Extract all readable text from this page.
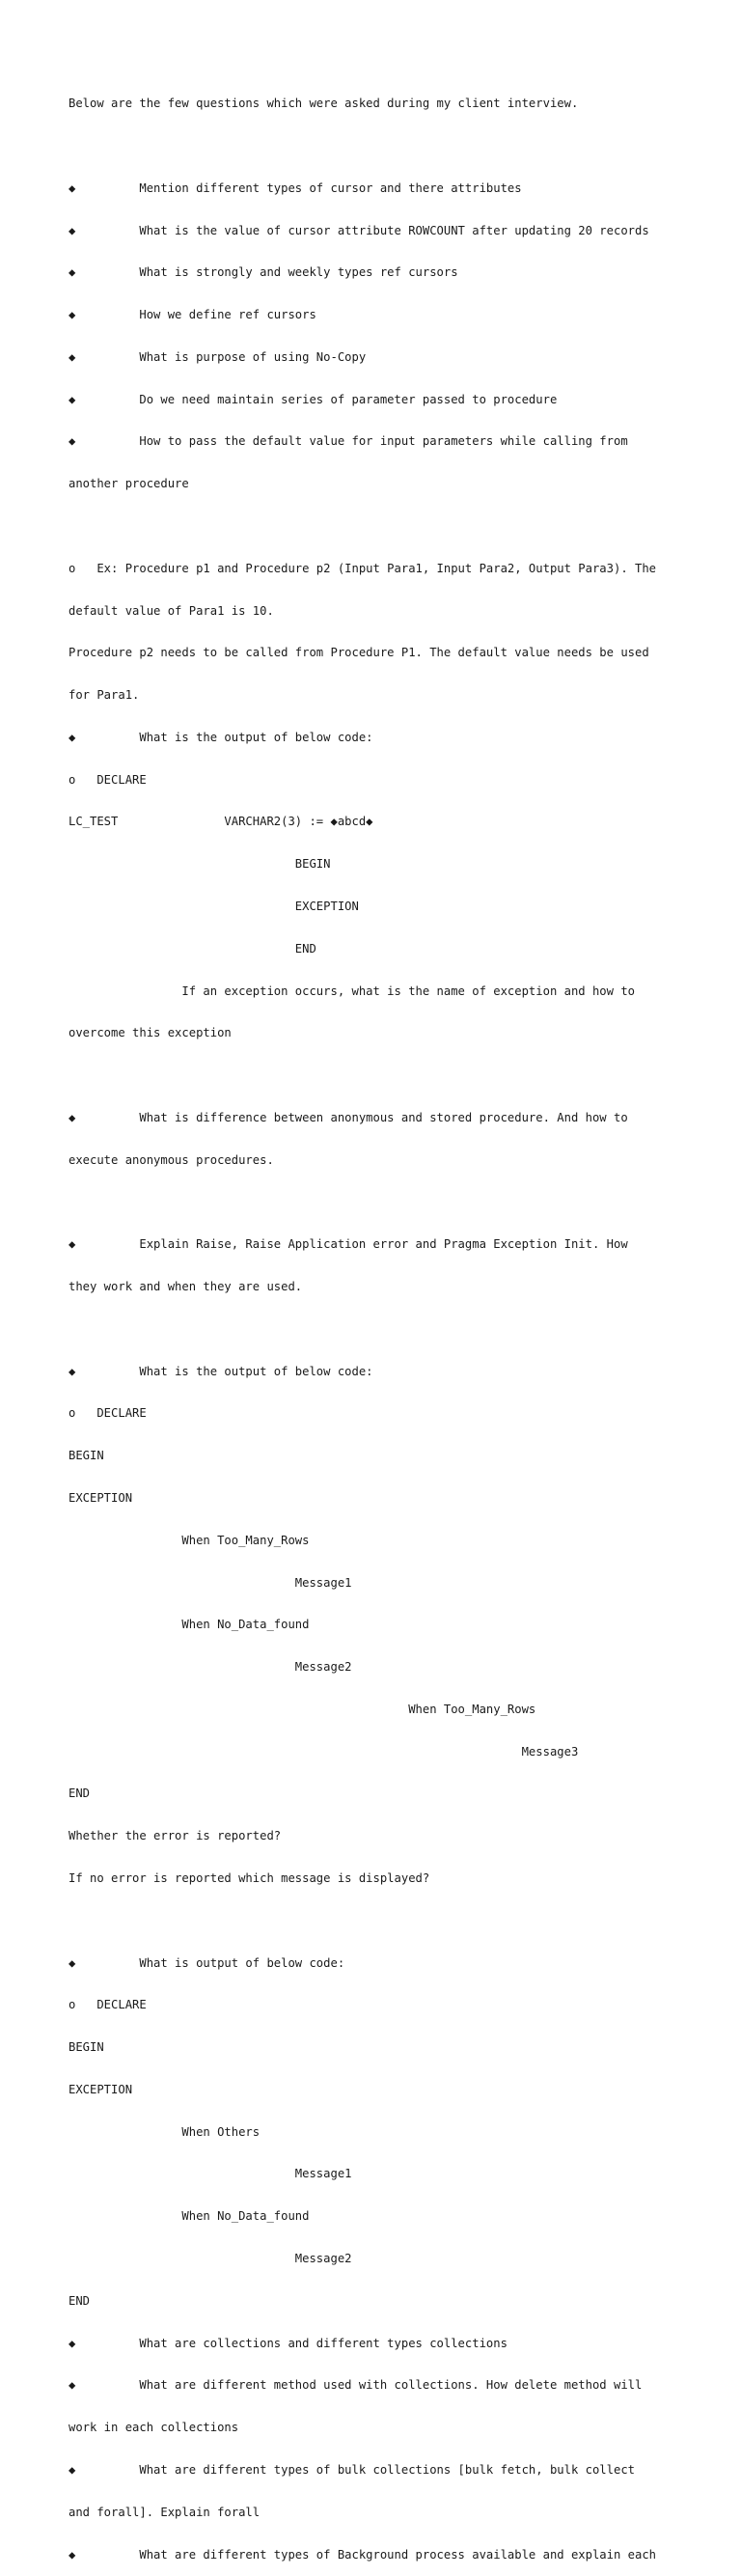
Below are the few questions which were asked during my client interview.

◆         Mention different types of cursor and there attributes

◆         What is the value of cursor attribute ROWCOUNT after updating 20 records

◆         What is strongly and weekly types ref cursors

◆         How we define ref cursors

◆         What is purpose of using No-Copy

◆         Do we need maintain series of parameter passed to procedure

◆         How to pass the default value for input parameters while calling from

another procedure

o   Ex: Procedure p1 and Procedure p2 (Input Para1, Input Para2, Output Para3). The

default value of Para1 is 10.

Procedure p2 needs to be called from Procedure P1. The default value needs be used

for Para1.

◆         What is the output of below code:

o   DECLARE

LC_TEST               VARCHAR2(3) := ◆abcd◆

BEGIN

EXCEPTION

END

If an exception occurs, what is the name of exception and how to

overcome this exception

◆         What is difference between anonymous and stored procedure. And how to

execute anonymous procedures.

◆         Explain Raise, Raise Application error and Pragma Exception Init. How

they work and when they are used.

◆         What is the output of below code:

o   DECLARE

BEGIN

EXCEPTION

When Too_Many_Rows

Message1

When No_Data_found

Message2

When Too_Many_Rows

Message3

END

Whether the error is reported?

If no error is reported which message is displayed?

◆         What is output of below code:

o   DECLARE

BEGIN

EXCEPTION

When Others

Message1

When No_Data_found

Message2

END

◆         What are collections and different types collections

◆         What are different method used with collections. How delete method will

work in each collections

◆         What are different types of bulk collections [bulk fetch, bulk collect

and forall]. Explain forall

◆         What are different types of Background process available and explain each
